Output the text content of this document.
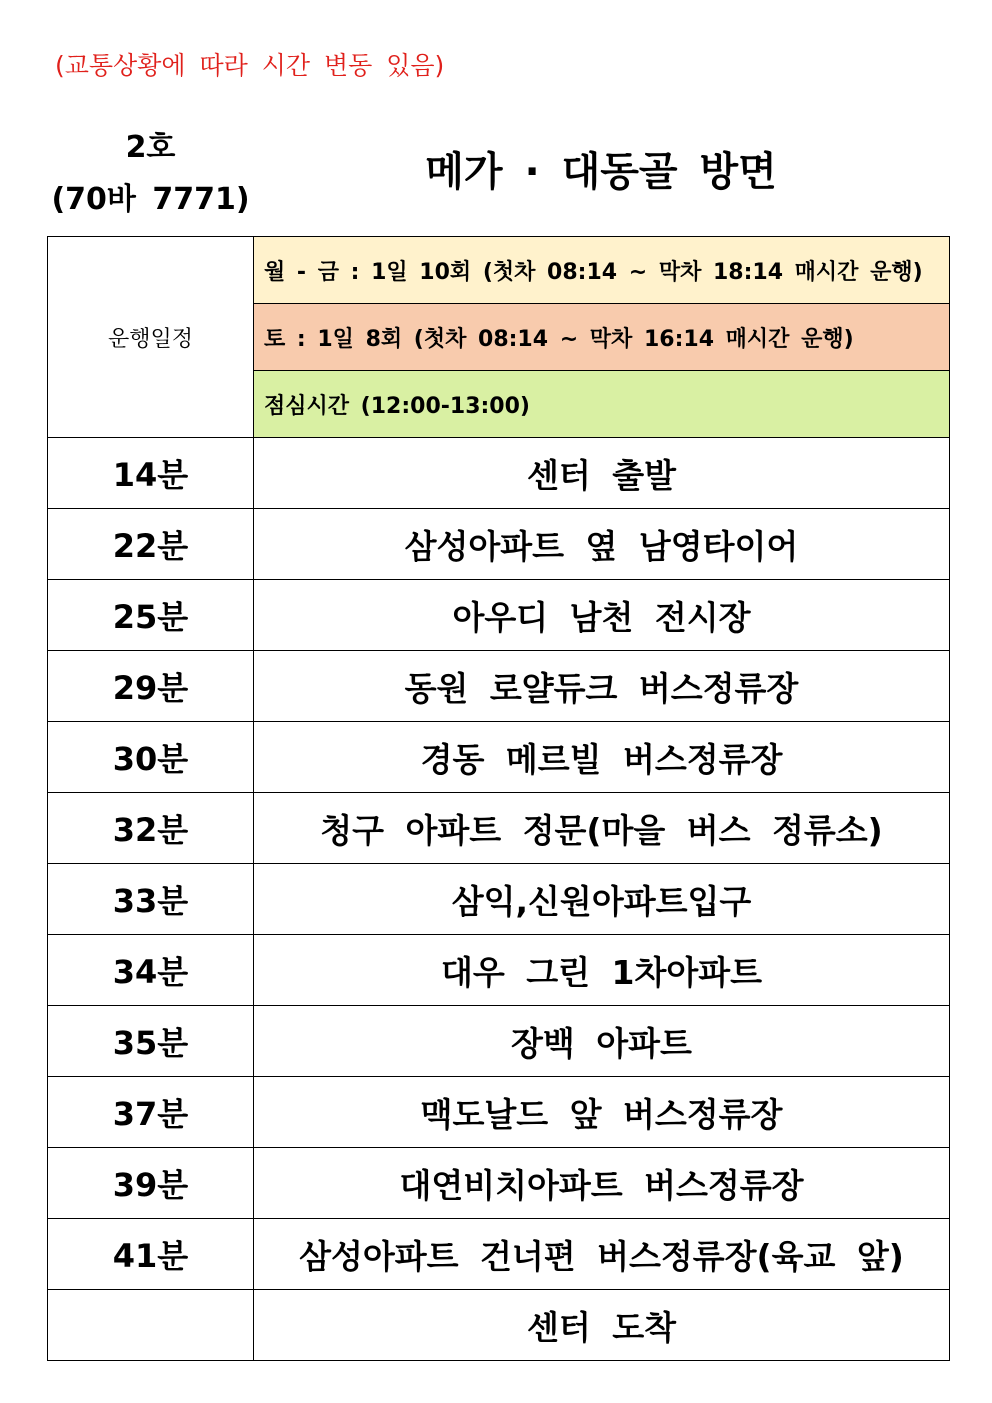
(교통상황에 따라 시간 변동 있음)
2호
(70바 7771)
메가 · 대동골 방면
운행일정	월 - 금 : 1일 10회 (첫차 08:14 ~ 막차 18:14 매시간 운행)
	토 : 1일 8회 (첫차 08:14 ~ 막차 16:14 매시간 운행)
	점심시간 (12:00-13:00)
14분	센터 출발
22분	삼성아파트 옆 남영타이어
25분	아우디 남천 전시장
29분	동원 로얄듀크 버스정류장
30분	경동 메르빌 버스정류장
32분	청구 아파트 정문(마을 버스 정류소)
33분	삼익,신원아파트입구
34분	대우 그린 1차아파트
35분	장백 아파트
37분	맥도날드 앞 버스정류장
39분	대연비치아파트 버스정류장
41분	삼성아파트 건너편 버스정류장(육교 앞)
	센터 도착
